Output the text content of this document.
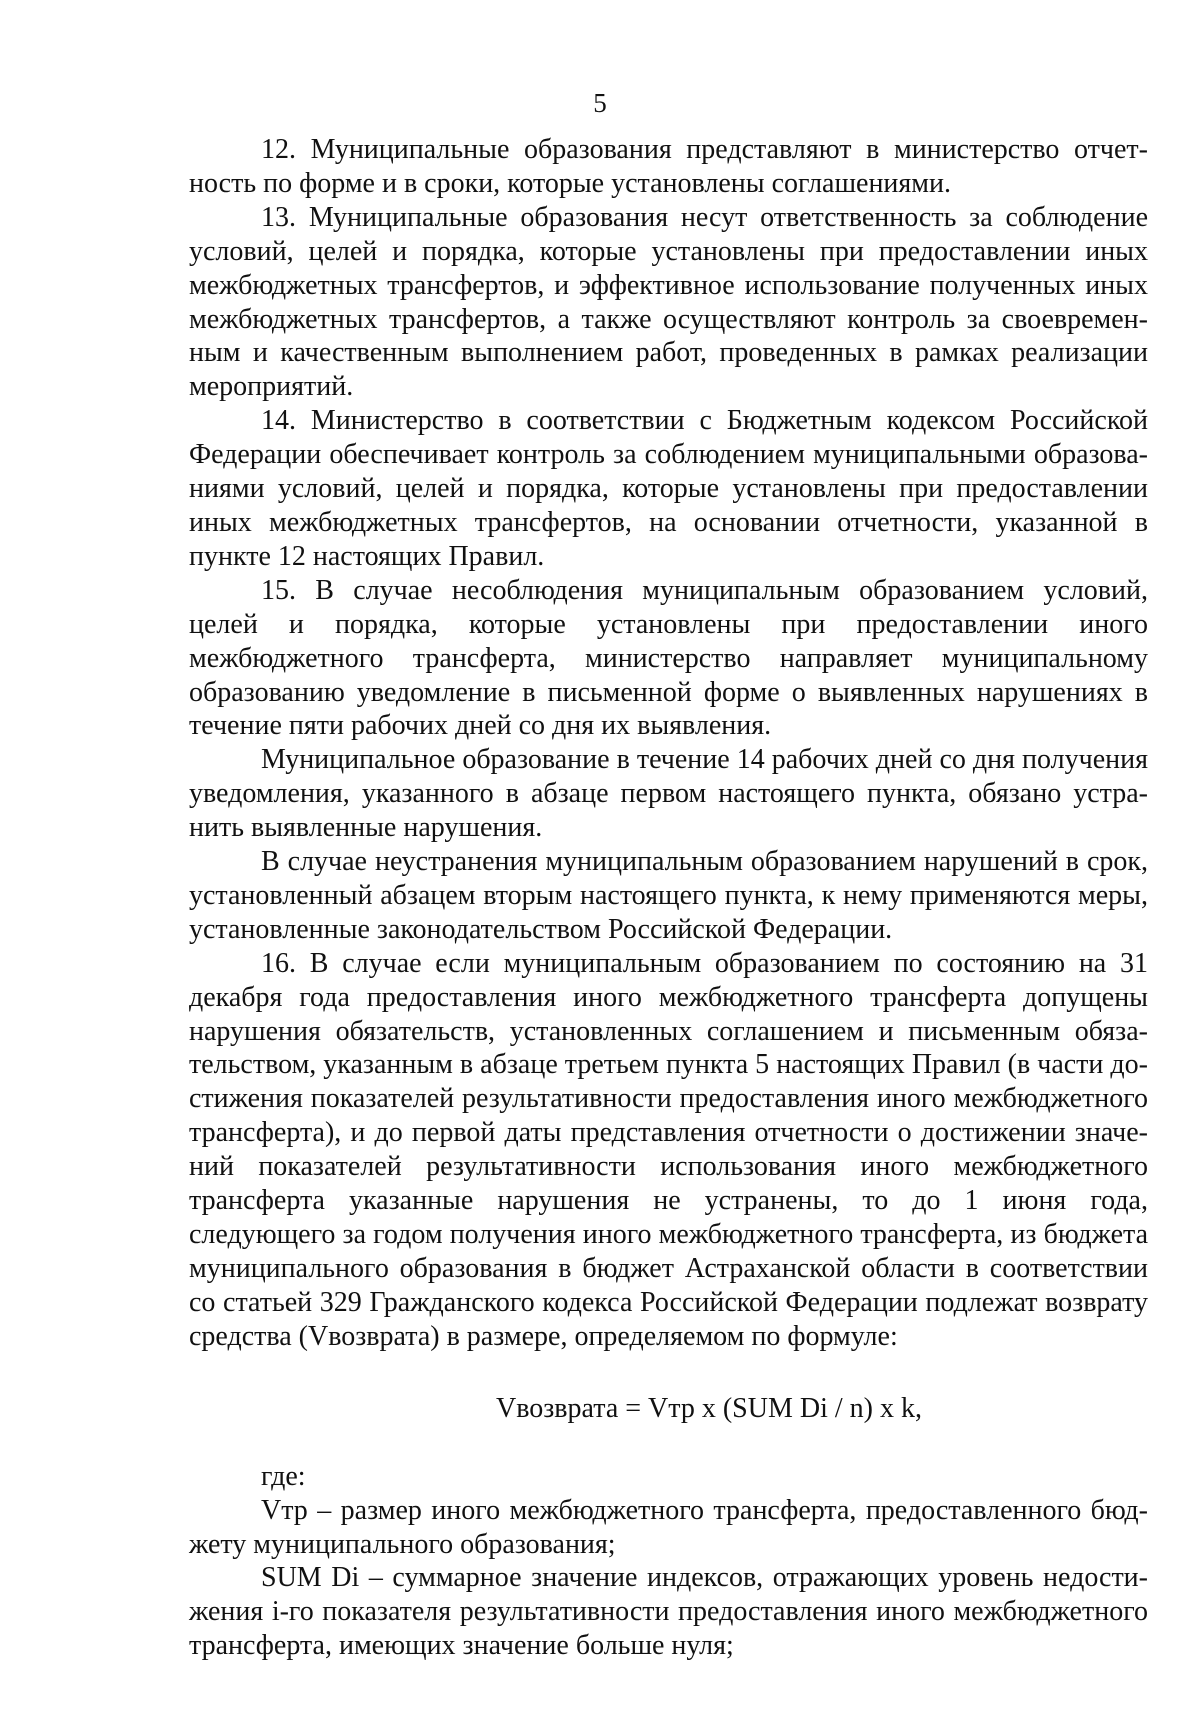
5

12. Муниципальные образования представляют в министерство отчетность по форме и в сроки, которые установлены соглашениями.

13. Муниципальные образования несут ответственность за соблюдение условий, целей и порядка, которые установлены при предоставлении иных межбюджетных трансфертов, и эффективное использование полученных иных межбюджетных трансфертов, а также осуществляют контроль за своевременным и качественным выполнением работ, проведенных в рамках реализации мероприятий.

14. Министерство в соответствии с Бюджетным кодексом Российской Федерации обеспечивает контроль за соблюдением муниципальными образованиями условий, целей и порядка, которые установлены при предоставлении иных межбюджетных трансфертов, на основании отчетности, указанной в пункте 12 настоящих Правил.

15. В случае несоблюдения муниципальным образованием условий, целей и порядка, которые установлены при предоставлении иного межбюджетного трансферта, министерство направляет муниципальному образованию уведомление в письменной форме о выявленных нарушениях в течение пяти рабочих дней со дня их выявления.

Муниципальное образование в течение 14 рабочих дней со дня получения уведомления, указанного в абзаце первом настоящего пункта, обязано устранить выявленные нарушения.

В случае неустранения муниципальным образованием нарушений в срок, установленный абзацем вторым настоящего пункта, к нему применяются меры, установленные законодательством Российской Федерации.

16. В случае если муниципальным образованием по состоянию на 31 декабря года предоставления иного межбюджетного трансферта допущены нарушения обязательств, установленных соглашением и письменным обязательством, указанным в абзаце третьем пункта 5 настоящих Правил (в части достижения показателей результативности предоставления иного межбюджетного трансферта), и до первой даты представления отчетности о достижении значений показателей результативности использования иного межбюджетного трансферта указанные нарушения не устранены, то до 1 июня года, следующего за годом получения иного межбюджетного трансферта, из бюджета муниципального образования в бюджет Астраханской области в соответствии со статьей 329 Гражданского кодекса Российской Федерации подлежат возврату средства (Vвозврата) в размере, определяемом по формуле:

Vвозврата = Vтр x (SUM Di / n) x k,

где:

Vтр – размер иного межбюджетного трансферта, предоставленного бюджету муниципального образования;

SUM Di – суммарное значение индексов, отражающих уровень недостижения i-го показателя результативности предоставления иного межбюджетного трансферта, имеющих значение больше нуля;
